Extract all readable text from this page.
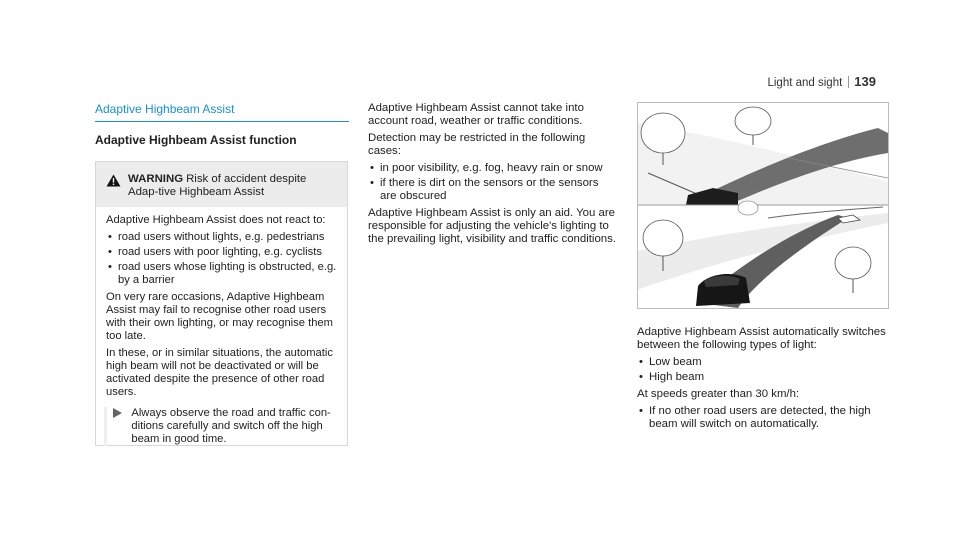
Light and sight 139
Adaptive Highbeam Assist
Adaptive Highbeam Assist function
WARNING Risk of accident despite Adap-tive Highbeam Assist

Adaptive Highbeam Assist does not react to:

• road users without lights, e.g. pedestrians
• road users with poor lighting, e.g. cyclists
• road users whose lighting is obstructed, e.g. by a barrier

On very rare occasions, Adaptive Highbeam Assist may fail to recognise other road users with their own lighting, or may recognise them too late.

In these, or in similar situations, the automatic high beam will not be deactivated or will be activated despite the presence of other road users.

Always observe the road and traffic con-ditions carefully and switch off the high beam in good time.

Adaptive Highbeam Assist cannot take into account road, weather or traffic conditions.

Detection may be restricted in the following cases:

• in poor visibility, e.g. fog, heavy rain or snow
• if there is dirt on the sensors or the sensors are obscured

Adaptive Highbeam Assist is only an aid. You are responsible for adjusting the vehicle's lighting to the prevailing light, visibility and traffic conditions.

Adaptive Highbeam Assist automatically switches between the following types of light:

• Low beam
• High beam

At speeds greater than 30 km/h:

• If no other road users are detected, the high beam will switch on automatically.
